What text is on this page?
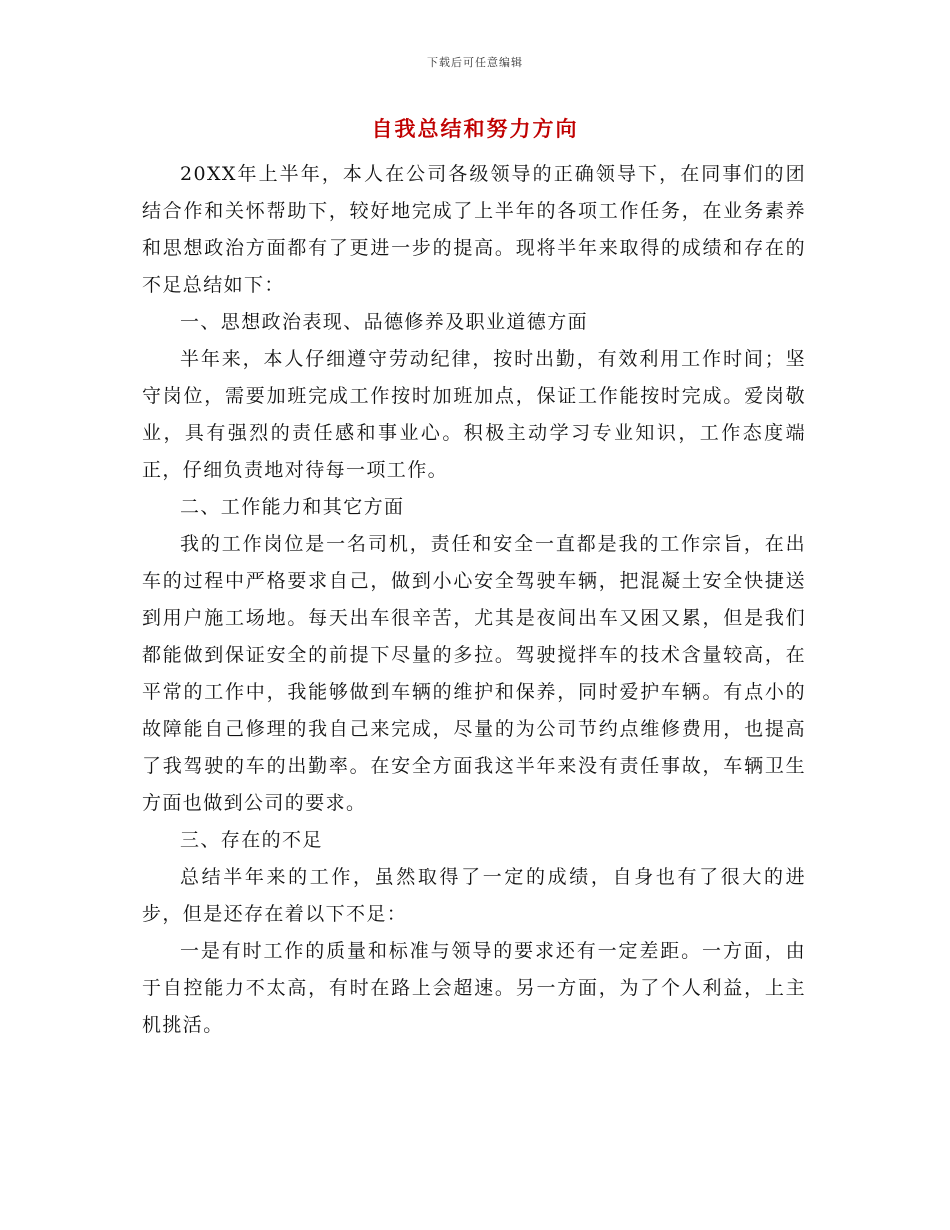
下载后可任意编辑
自我总结和努力方向

20XX年上半年，本人在公司各级领导的正确领导下，在同事们的团结合作和关怀帮助下，较好地完成了上半年的各项工作任务，在业务素养和思想政治方面都有了更进一步的提高。现将半年来取得的成绩和存在的不足总结如下：

一、思想政治表现、品德修养及职业道德方面

半年来，本人仔细遵守劳动纪律，按时出勤，有效利用工作时间；坚守岗位，需要加班完成工作按时加班加点，保证工作能按时完成。爱岗敬业，具有强烈的责任感和事业心。积极主动学习专业知识，工作态度端正，仔细负责地对待每一项工作。

二、工作能力和其它方面

我的工作岗位是一名司机，责任和安全一直都是我的工作宗旨，在出车的过程中严格要求自己，做到小心安全驾驶车辆，把混凝土安全快捷送到用户施工场地。每天出车很辛苦，尤其是夜间出车又困又累，但是我们都能做到保证安全的前提下尽量的多拉。驾驶搅拌车的技术含量较高，在平常的工作中，我能够做到车辆的维护和保养，同时爱护车辆。有点小的故障能自己修理的我自己来完成，尽量的为公司节约点维修费用，也提高了我驾驶的车的出勤率。在安全方面我这半年来没有责任事故，车辆卫生方面也做到公司的要求。

三、存在的不足

总结半年来的工作，虽然取得了一定的成绩，自身也有了很大的进步，但是还存在着以下不足：

一是有时工作的质量和标准与领导的要求还有一定差距。一方面，由于自控能力不太高，有时在路上会超速。另一方面，为了个人利益，上主机挑活。
